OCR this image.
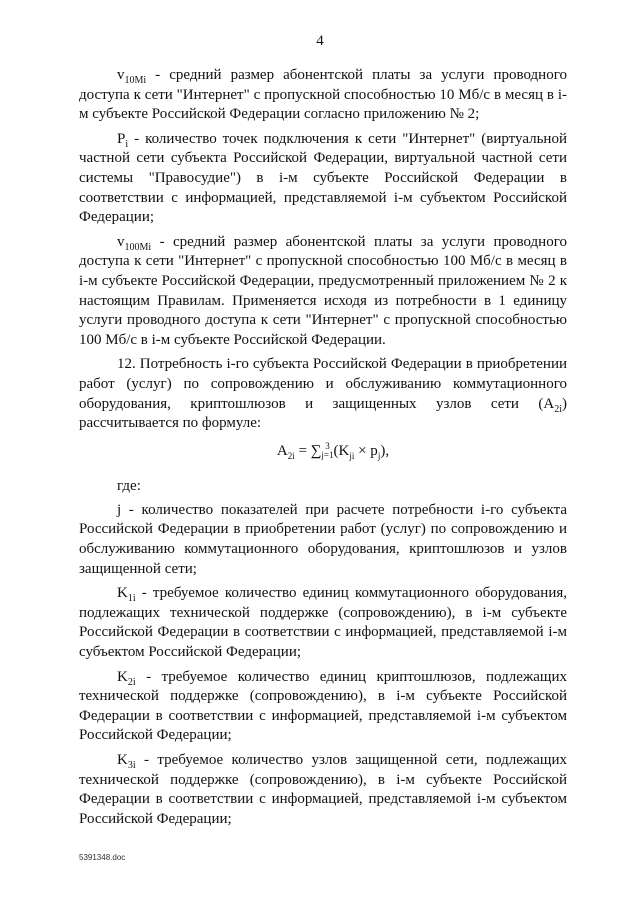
4

$v_{10Mi}$ - средний размер абонентской платы за услуги проводного доступа к сети "Интернет" с пропускной способностью 10 Мб/с в месяц в i-м субъекте Российской Федерации согласно приложению № 2;

$P_i$ - количество точек подключения к сети "Интернет" (виртуальной частной сети субъекта Российской Федерации, виртуальной частной сети системы "Правосудие") в i-м субъекте Российской Федерации в соответствии с информацией, представляемой i-м субъектом Российской Федерации;

$v_{100Mi}$ - средний размер абонентской платы за услуги проводного доступа к сети "Интернет" с пропускной способностью 100 Мб/с в месяц в i-м субъекте Российской Федерации, предусмотренный приложением № 2 к настоящим Правилам. Применяется исходя из потребности в 1 единицу услуги проводного доступа к сети "Интернет" с пропускной способностью 100 Мб/с в i-м субъекте Российской Федерации.

12. Потребность i-го субъекта Российской Федерации в приобретении работ (услуг) по сопровождению и обслуживанию коммутационного оборудования, криптошлюзов и защищенных узлов сети $(A_{2i})$ рассчитывается по формуле:

$A_{2i}$ = ∑ 3
j=1 $(K_{ji} \times p_j)$,

где:

j - количество показателей при расчете потребности i-го субъекта Российской Федерации в приобретении работ (услуг) по сопровождению и обслуживанию коммутационного оборудования, криптошлюзов и узлов защищенной сети;

$K_{1i}$ - требуемое количество единиц коммутационного оборудования, подлежащих технической поддержке (сопровождению), в i-м субъекте Российской Федерации в соответствии с информацией, представляемой i-м субъектом Российской Федерации;

$K_{2i}$ - требуемое количество единиц криптошлюзов, подлежащих технической поддержке (сопровождению), в i-м субъекте Российской Федерации в соответствии с информацией, представляемой i-м субъектом Российской Федерации;

$K_{3i}$ - требуемое количество узлов защищенной сети, подлежащих технической поддержке (сопровождению), в i-м субъекте Российской Федерации в соответствии с информацией, представляемой i-м субъектом Российской Федерации;

5391348.doc
